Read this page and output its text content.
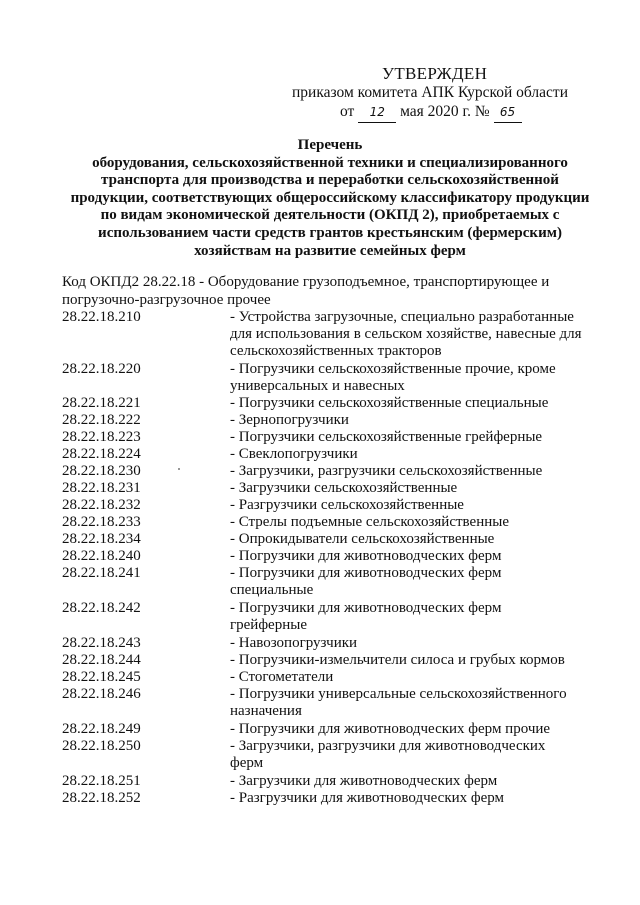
УТВЕРЖДЕН
приказом комитета АПК Курской области
от 12 мая 2020 г. № 65
Перечень
оборудования, сельскохозяйственной техники и специализированного
транспорта для производства и переработки сельскохозяйственной
продукции, соответствующих общероссийскому классификатору продукции
по видам экономической деятельности (ОКПД 2), приобретаемых с
использованием части средств грантов крестьянским (фермерским)
хозяйствам на развитие семейных ферм
Код ОКПД2 28.22.18 - Оборудование грузоподъемное, транспортирующее и погрузочно-разгрузочное прочее
28.22.18.210	- Устройства загрузочные, специально разработанные для использования в сельском хозяйстве, навесные для сельскохозяйственных тракторов
28.22.18.220	- Погрузчики сельскохозяйственные прочие, кроме универсальных и навесных
28.22.18.221	- Погрузчики сельскохозяйственные специальные
28.22.18.222	- Зернопогрузчики
28.22.18.223	- Погрузчики сельскохозяйственные грейферные
28.22.18.224	- Свеклопогрузчики
28.22.18.230	- Загрузчики, разгрузчики сельскохозяйственные
28.22.18.231	- Загрузчики сельскохозяйственные
28.22.18.232	- Разгрузчики сельскохозяйственные
28.22.18.233	- Стрелы подъемные сельскохозяйственные
28.22.18.234	- Опрокидыватели сельскохозяйственные
28.22.18.240	- Погрузчики для животноводческих ферм
28.22.18.241	- Погрузчики для животноводческих ферм специальные
28.22.18.242	- Погрузчики для животноводческих ферм грейферные
28.22.18.243	- Навозопогрузчики
28.22.18.244	- Погрузчики-измельчители силоса и грубых кормов
28.22.18.245	- Стогометатели
28.22.18.246	- Погрузчики универсальные сельскохозяйственного назначения
28.22.18.249	- Погрузчики для животноводческих ферм прочие
28.22.18.250	- Загрузчики, разгрузчики для животноводческих ферм
28.22.18.251	- Загрузчики для животноводческих ферм
28.22.18.252	- Разгрузчики для животноводческих ферм
